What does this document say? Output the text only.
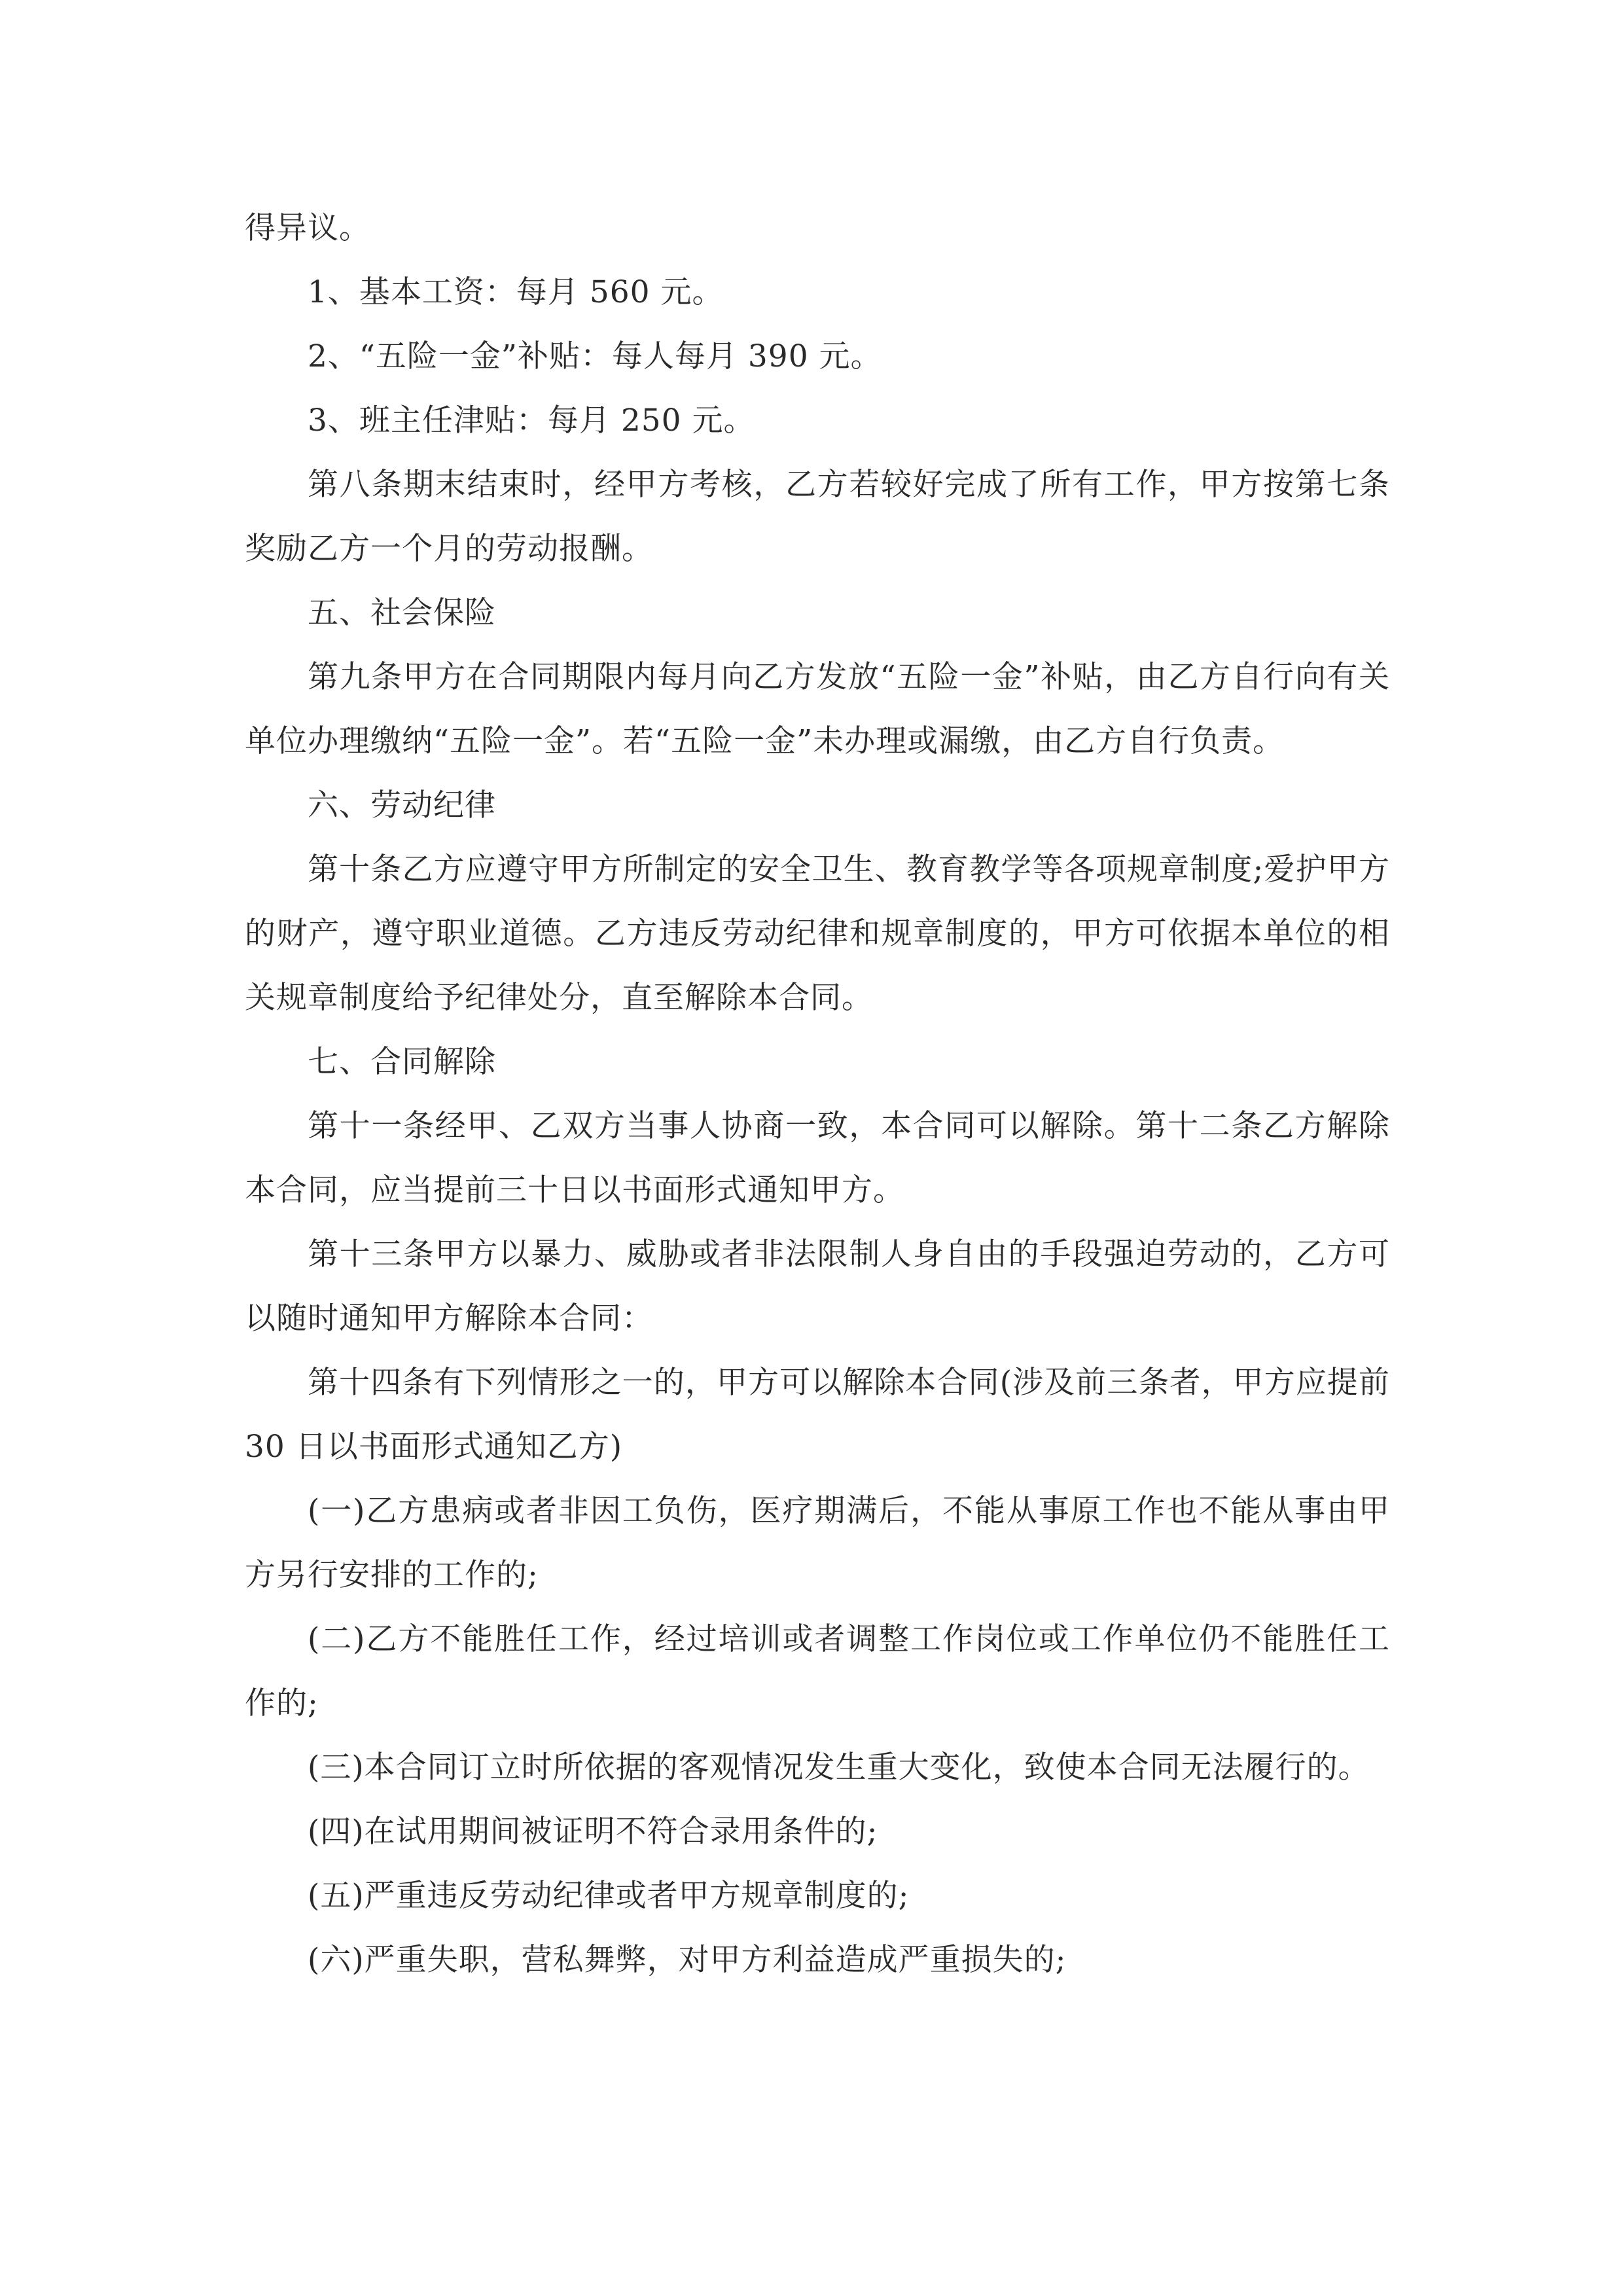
得异议。

1、基本工资：每月 560 元。

2、“五险一金”补贴：每人每月 390 元。

3、班主任津贴：每月 250 元。

第八条期末结束时，经甲方考核，乙方若较好完成了所有工作，甲方按第七条奖励乙方一个月的劳动报酬。

五、社会保险

第九条甲方在合同期限内每月向乙方发放“五险一金”补贴，由乙方自行向有关单位办理缴纳“五险一金”。若“五险一金”未办理或漏缴，由乙方自行负责。

六、劳动纪律

第十条乙方应遵守甲方所制定的安全卫生、教育教学等各项规章制度;爱护甲方的财产，遵守职业道德。乙方违反劳动纪律和规章制度的，甲方可依据本单位的相关规章制度给予纪律处分，直至解除本合同。

七、合同解除

第十一条经甲、乙双方当事人协商一致，本合同可以解除。第十二条乙方解除本合同，应当提前三十日以书面形式通知甲方。

第十三条甲方以暴力、威胁或者非法限制人身自由的手段强迫劳动的，乙方可以随时通知甲方解除本合同：

第十四条有下列情形之一的，甲方可以解除本合同(涉及前三条者，甲方应提前 30 日以书面形式通知乙方)

(一)乙方患病或者非因工负伤，医疗期满后，不能从事原工作也不能从事由甲方另行安排的工作的;

(二)乙方不能胜任工作，经过培训或者调整工作岗位或工作单位仍不能胜任工作的;

(三)本合同订立时所依据的客观情况发生重大变化，致使本合同无法履行的。

(四)在试用期间被证明不符合录用条件的;

(五)严重违反劳动纪律或者甲方规章制度的;

(六)严重失职，营私舞弊，对甲方利益造成严重损失的;
